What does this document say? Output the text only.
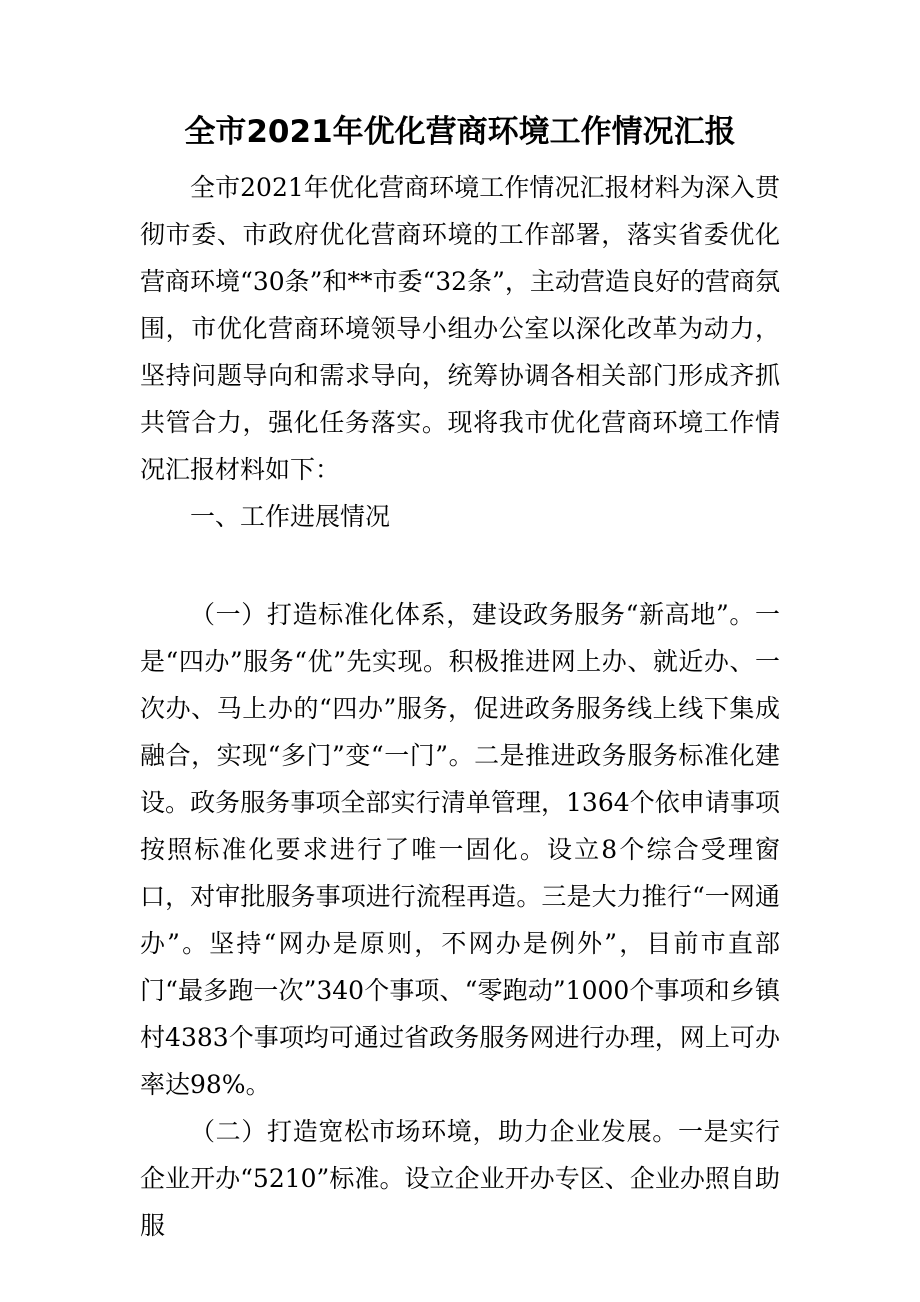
全市2021年优化营商环境工作情况汇报

全市2021年优化营商环境工作情况汇报材料为深入贯彻市委、市政府优化营商环境的工作部署，落实省委优化营商环境“30条”和**市委“32条”，主动营造良好的营商氛围，市优化营商环境领导小组办公室以深化改革为动力，坚持问题导向和需求导向，统筹协调各相关部门形成齐抓共管合力，强化任务落实。现将我市优化营商环境工作情况汇报材料如下：

一、工作进展情况

（一）打造标准化体系，建设政务服务“新高地”。一是“四办”服务“优”先实现。积极推进网上办、就近办、一次办、马上办的“四办”服务，促进政务服务线上线下集成融合，实现“多门”变“一门”。二是推进政务服务标准化建设。政务服务事项全部实行清单管理，1364个依申请事项按照标准化要求进行了唯一固化。设立8个综合受理窗口，对审批服务事项进行流程再造。三是大力推行“一网通办”。坚持“网办是原则，不网办是例外”，目前市直部门“最多跑一次”340个事项、“零跑动”1000个事项和乡镇村4383个事项均可通过省政务服务网进行办理，网上可办率达98%。

（二）打造宽松市场环境，助力企业发展。一是实行企业开办“5210”标准。设立企业开办专区、企业办照自助服
